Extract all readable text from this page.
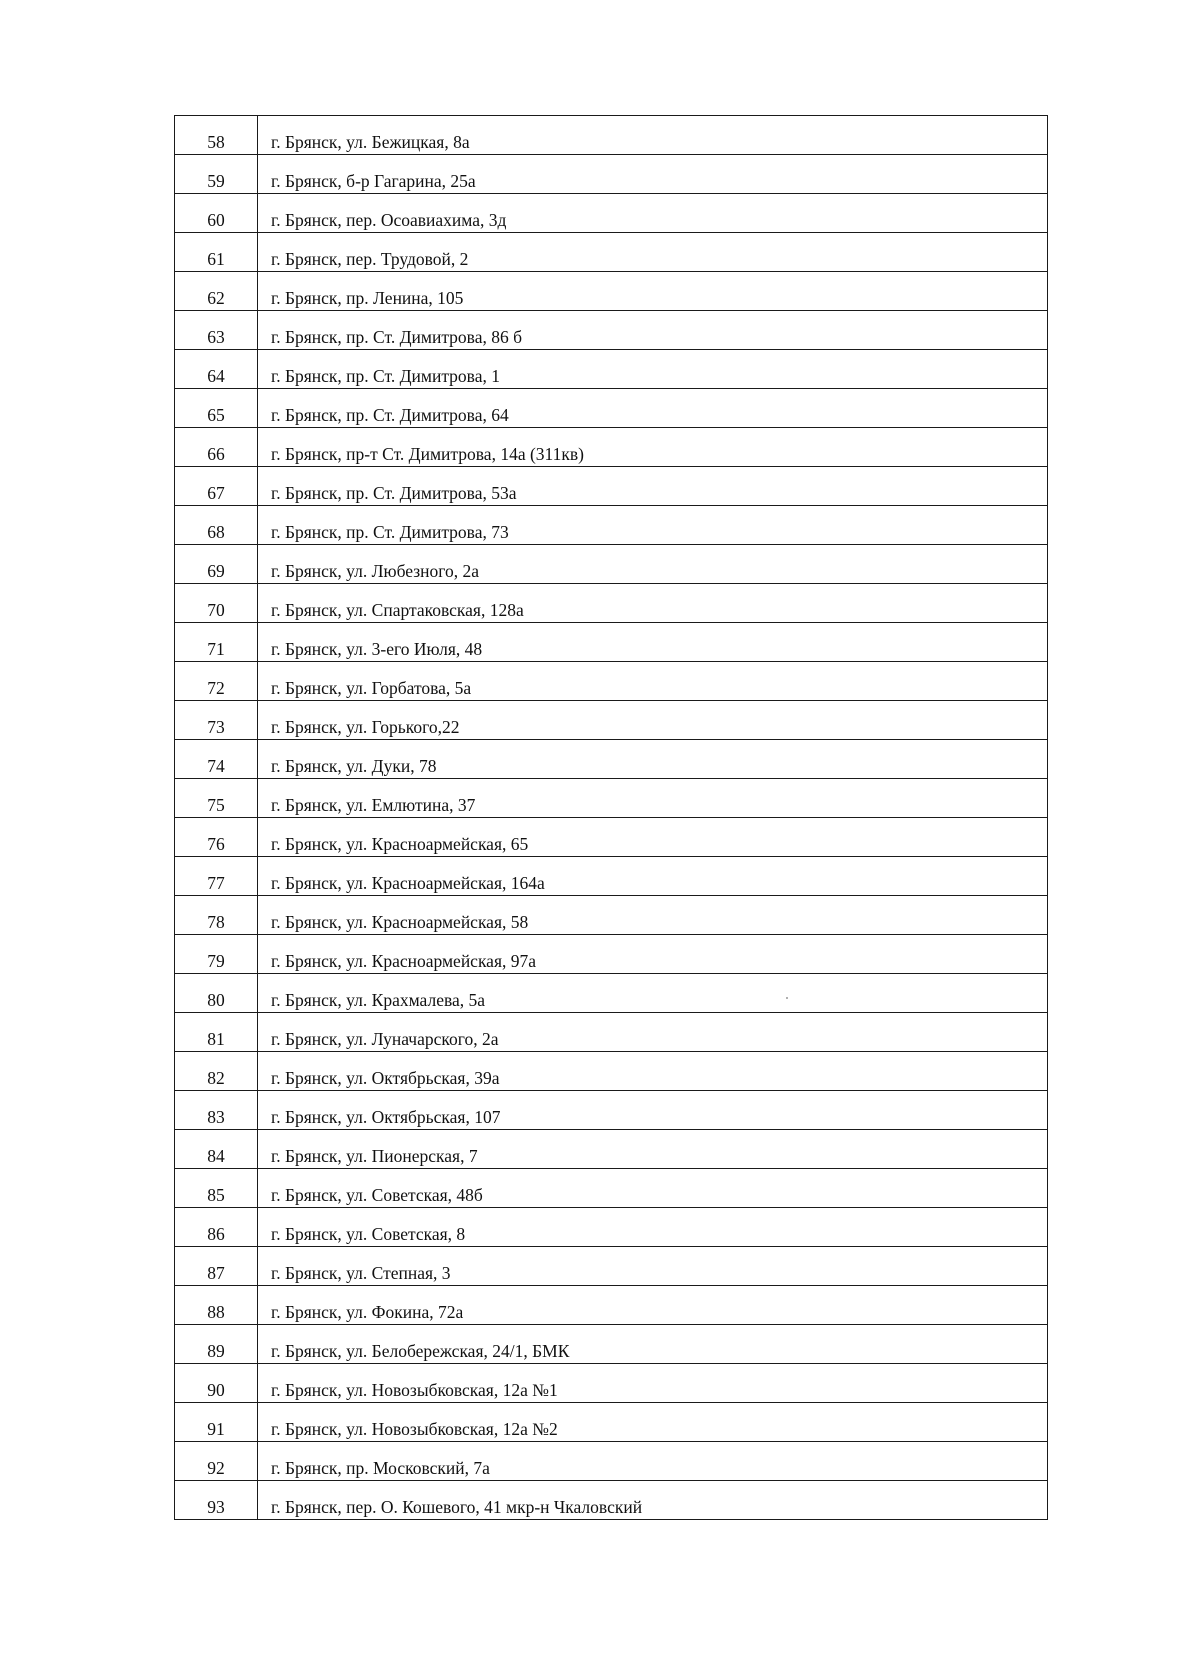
58	г. Брянск, ул. Бежицкая, 8а
59	г. Брянск, б-р Гагарина, 25а
60	г. Брянск, пер. Осоавиахима, 3д
61	г. Брянск, пер. Трудовой, 2
62	г. Брянск, пр. Ленина, 105
63	г. Брянск, пр. Ст. Димитрова, 86 б
64	г. Брянск, пр. Ст. Димитрова, 1
65	г. Брянск, пр. Ст. Димитрова, 64
66	г. Брянск, пр-т Ст. Димитрова, 14а (311кв)
67	г. Брянск, пр. Ст. Димитрова, 53а
68	г. Брянск, пр. Ст. Димитрова, 73
69	г. Брянск, ул. Любезного, 2а
70	г. Брянск, ул. Спартаковская, 128а
71	г. Брянск, ул. 3-его Июля, 48
72	г. Брянск, ул. Горбатова, 5а
73	г. Брянск, ул. Горького,22
74	г. Брянск, ул. Дуки, 78
75	г. Брянск, ул. Емлютина, 37
76	г. Брянск, ул. Красноармейская, 65
77	г. Брянск, ул. Красноармейская, 164а
78	г. Брянск, ул. Красноармейская, 58
79	г. Брянск, ул. Красноармейская, 97а
80	г. Брянск, ул. Крахмалева, 5а
81	г. Брянск, ул. Луначарского, 2а
82	г. Брянск, ул. Октябрьская, 39а
83	г. Брянск, ул. Октябрьская, 107
84	г. Брянск, ул. Пионерская, 7
85	г. Брянск, ул. Советская, 48б
86	г. Брянск, ул. Советская, 8
87	г. Брянск, ул. Степная, 3
88	г. Брянск, ул. Фокина, 72а
89	г. Брянск, ул. Белобережская, 24/1, БМК
90	г. Брянск, ул. Новозыбковская, 12а №1
91	г. Брянск, ул. Новозыбковская, 12а №2
92	г. Брянск, пр. Московский, 7а
93	г. Брянск, пер. О. Кошевого, 41 мкр-н Чкаловский
